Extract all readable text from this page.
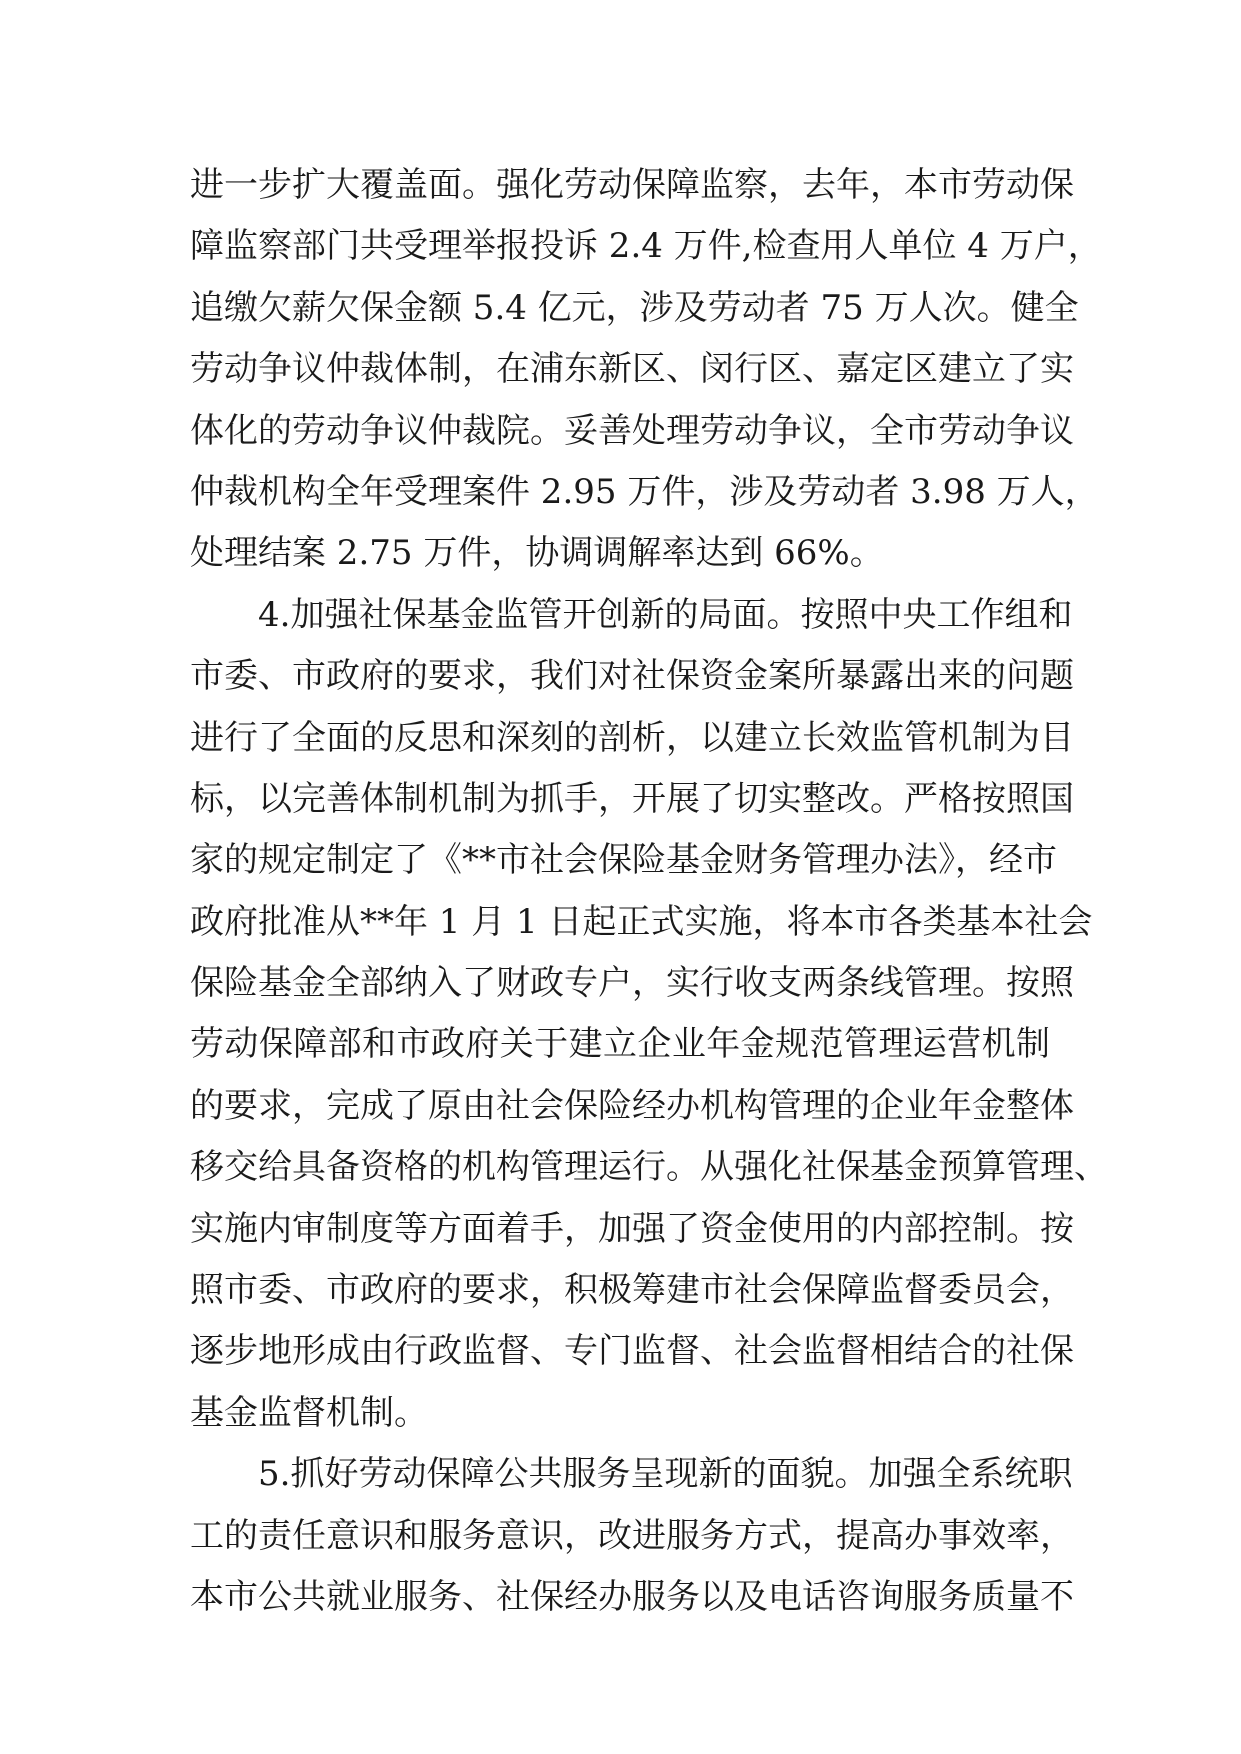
进一步扩大覆盖面。强化劳动保障监察，去年，本市劳动保
障监察部门共受理举报投诉 2.4 万件,检查用人单位 4 万户，
追缴欠薪欠保金额 5.4 亿元，涉及劳动者 75 万人次。健全
劳动争议仲裁体制，在浦东新区、闵行区、嘉定区建立了实
体化的劳动争议仲裁院。妥善处理劳动争议，全市劳动争议
仲裁机构全年受理案件 2.95 万件，涉及劳动者 3.98 万人，
处理结案 2.75 万件，协调调解率达到 66%。
4.加强社保基金监管开创新的局面。按照中央工作组和
市委、市政府的要求，我们对社保资金案所暴露出来的问题
进行了全面的反思和深刻的剖析，以建立长效监管机制为目
标，以完善体制机制为抓手，开展了切实整改。严格按照国
家的规定制定了《**市社会保险基金财务管理办法》，经市
政府批准从**年 1 月 1 日起正式实施，将本市各类基本社会
保险基金全部纳入了财政专户，实行收支两条线管理。按照
劳动保障部和市政府关于建立企业年金规范管理运营机制
的要求，完成了原由社会保险经办机构管理的企业年金整体
移交给具备资格的机构管理运行。从强化社保基金预算管理、
实施内审制度等方面着手，加强了资金使用的内部控制。按
照市委、市政府的要求，积极筹建市社会保障监督委员会，
逐步地形成由行政监督、专门监督、社会监督相结合的社保
基金监督机制。
5.抓好劳动保障公共服务呈现新的面貌。加强全系统职
工的责任意识和服务意识，改进服务方式，提高办事效率，
本市公共就业服务、社保经办服务以及电话咨询服务质量不
